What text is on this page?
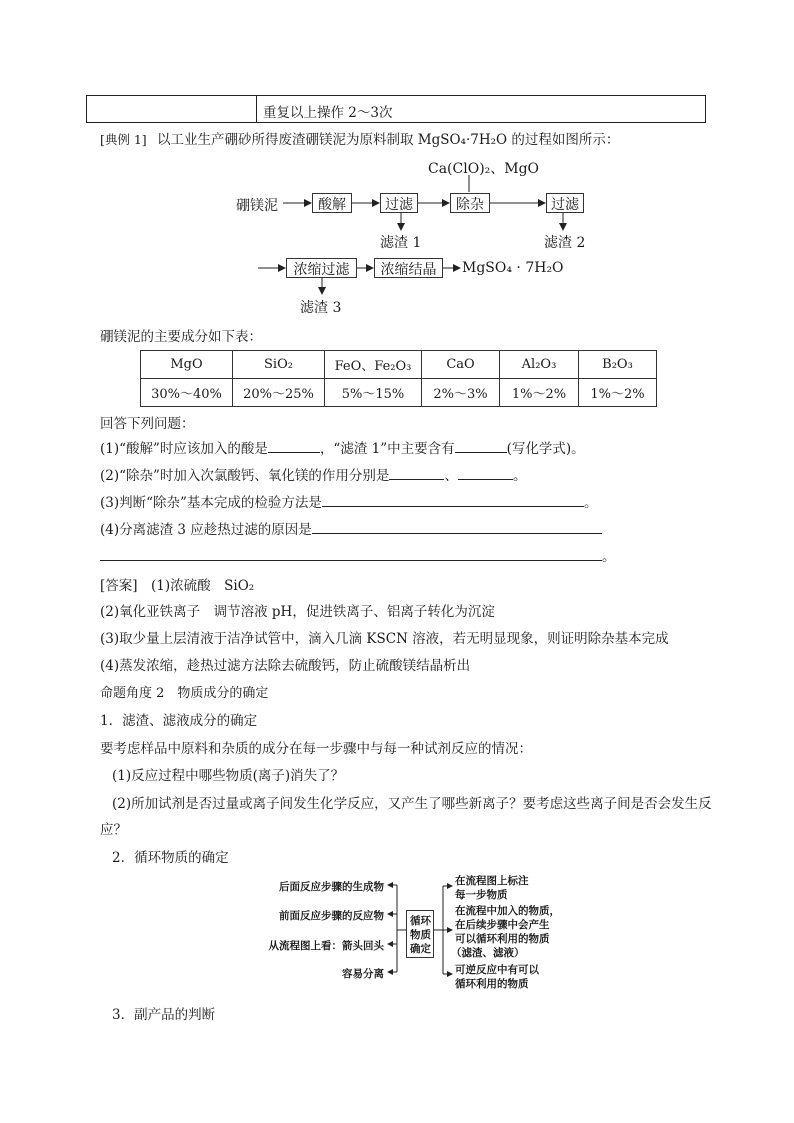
重复以上操作 2～3次
[典例 1] 以工业生产硼砂所得废渣硼镁泥为原料制取 MgSO₄·7H₂O 的过程如图所示：
Ca(ClO)₂、MgO
硼镁泥	酸解	过滤	除杂	过滤
滤渣 1	滤渣 2
浓缩过滤	浓缩结晶	MgSO₄ · 7H₂O
滤渣 3
硼镁泥的主要成分如下表：
MgO	SiO₂	FeO、Fe₂O₃	CaO	Al₂O₃	B₂O₃
30%～40%	20%～25%	5%～15%	2%～3%	1%～2%	1%～2%
回答下列问题：
(1)“酸解”时应该加入的酸是	，“滤渣 1”中主要含有	(写化学式)。
(2)“除杂”时加入次氯酸钙、氧化镁的作用分别是	、	。
(3)判断“除杂”基本完成的检验方法是	。
(4)分离滤渣 3 应趁热过滤的原因是
。
[答案]　(1)浓硫酸　SiO₂
(2)氧化亚铁离子　调节溶液 pH，促进铁离子、铝离子转化为沉淀
(3)取少量上层清液于洁净试管中，滴入几滴 KSCN 溶液，若无明显现象，则证明除杂基本完成
(4)蒸发浓缩，趁热过滤方法除去硫酸钙，防止硫酸镁结晶析出
命题角度 2　物质成分的确定
1．滤渣、滤液成分的确定
要考虑样品中原料和杂质的成分在每一步骤中与每一种试剂反应的情况：
(1)反应过程中哪些物质(离子)消失了？
(2)所加试剂是否过量或离子间发生化学反应，又产生了哪些新离子？要考虑这些离子间是否会发生反
应？
2．循环物质的确定
后面反应步骤的生成物
前面反应步骤的反应物
从流程图上看：箭头回头
容易分离
循环
物质
确定
在流程图上标注
每一步物质
在流程中加入的物质，
在后续步骤中会产生
可以循环利用的物质
（滤渣、滤液）
可逆反应中有可以
循环利用的物质
3．副产品的判断
